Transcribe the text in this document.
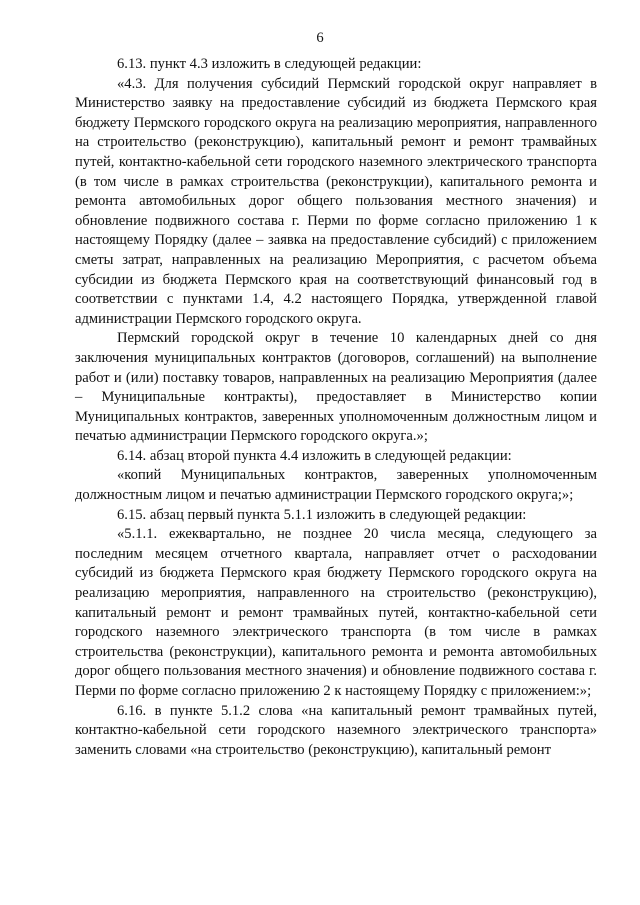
6

6.13. пункт 4.3 изложить в следующей редакции:

«4.3. Для получения субсидий Пермский городской округ направляет в Министерство заявку на предоставление субсидий из бюджета Пермского края бюджету Пермского городского округа на реализацию мероприятия, направленного на строительство (реконструкцию), капитальный ремонт и ремонт трамвайных путей, контактно-кабельной сети городского наземного электрического транспорта (в том числе в рамках строительства (реконструкции), капитального ремонта и ремонта автомобильных дорог общего пользования местного значения) и обновление подвижного состава г. Перми по форме согласно приложению 1 к настоящему Порядку (далее – заявка на предоставление субсидий) с приложением сметы затрат, направленных на реализацию Мероприятия, с расчетом объема субсидии из бюджета Пермского края на соответствующий финансовый год в соответствии с пунктами 1.4, 4.2 настоящего Порядка, утвержденной главой администрации Пермского городского округа.

Пермский городской округ в течение 10 календарных дней со дня заключения муниципальных контрактов (договоров, соглашений) на выполнение работ и (или) поставку товаров, направленных на реализацию Мероприятия (далее – Муниципальные контракты), предоставляет в Министерство копии Муниципальных контрактов, заверенных уполномоченным должностным лицом и печатью администрации Пермского городского округа.»;

6.14. абзац второй пункта 4.4 изложить в следующей редакции:

«копий Муниципальных контрактов, заверенных уполномоченным должностным лицом и печатью администрации Пермского городского округа;»;

6.15. абзац первый пункта 5.1.1 изложить в следующей редакции:

«5.1.1. ежеквартально, не позднее 20 числа месяца, следующего за последним месяцем отчетного квартала, направляет отчет о расходовании субсидий из бюджета Пермского края бюджету Пермского городского округа на реализацию мероприятия, направленного на строительство (реконструкцию), капитальный ремонт и ремонт трамвайных путей, контактно-кабельной сети городского наземного электрического транспорта (в том числе в рамках строительства (реконструкции), капитального ремонта и ремонта автомобильных дорог общего пользования местного значения) и обновление подвижного состава г. Перми по форме согласно приложению 2 к настоящему Порядку с приложением:»;

6.16. в пункте 5.1.2 слова «на капитальный ремонт трамвайных путей, контактно-кабельной сети городского наземного электрического транспорта» заменить словами «на строительство (реконструкцию), капитальный ремонт
